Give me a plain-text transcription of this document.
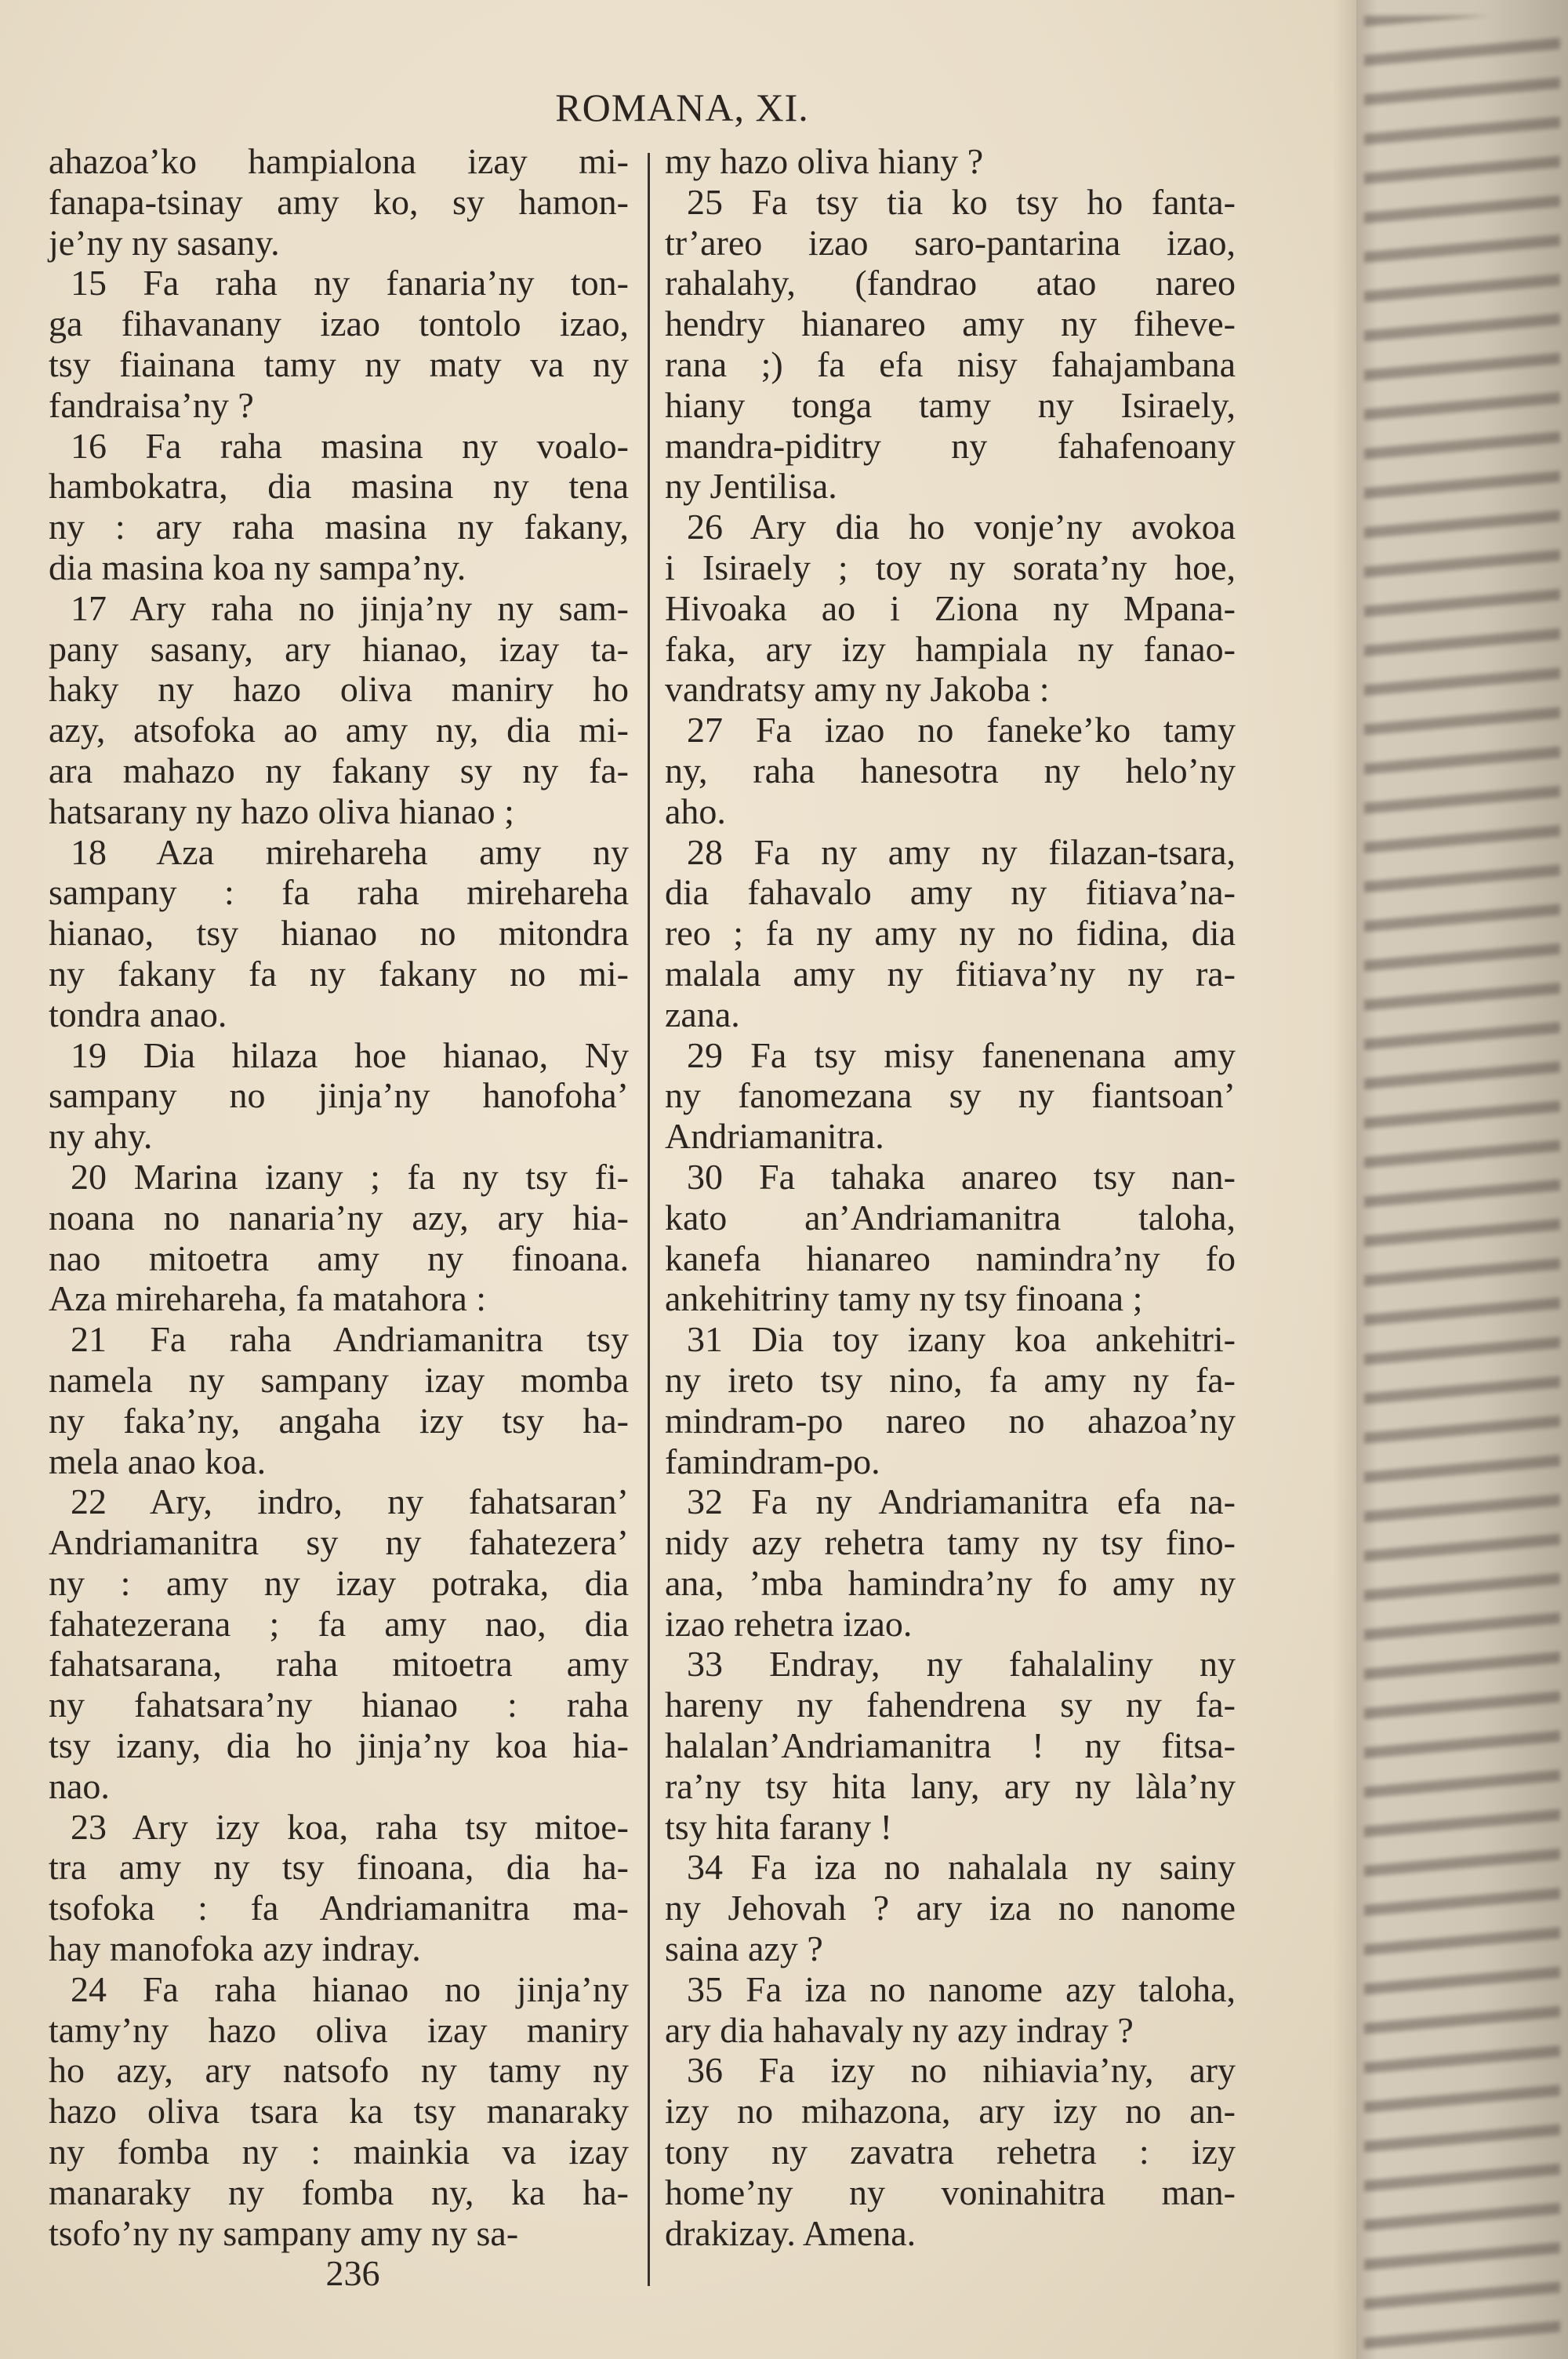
ROMANA, XI.
ahazoa’ko hampialona izay mi-
fanapa-tsinay amy ko, sy hamon-
je’ny ny sasany.
15 Fa raha ny fanaria’ny ton-
ga fihavanany izao tontolo izao,
tsy fiainana tamy ny maty va ny
fandraisa’ny ?
16 Fa raha masina ny voalo-
hambokatra, dia masina ny tena
ny : ary raha masina ny fakany,
dia masina koa ny sampa’ny.
17 Ary raha no jinja’ny ny sam-
pany sasany, ary hianao, izay ta-
haky ny hazo oliva maniry ho
azy, atsofoka ao amy ny, dia mi-
ara mahazo ny fakany sy ny fa-
hatsarany ny hazo oliva hianao ;
18 Aza mirehareha amy ny
sampany : fa raha mirehareha
hianao, tsy hianao no mitondra
ny fakany fa ny fakany no mi-
tondra anao.
19 Dia hilaza hoe hianao, Ny
sampany no jinja’ny hanofoha’
ny ahy.
20 Marina izany ; fa ny tsy fi-
noana no nanaria’ny azy, ary hia-
nao mitoetra amy ny finoana.
Aza mirehareha, fa matahora :
21 Fa raha Andriamanitra tsy
namela ny sampany izay momba
ny faka’ny, angaha izy tsy ha-
mela anao koa.
22 Ary, indro, ny fahatsaran’
Andriamanitra sy ny fahatezera’
ny : amy ny izay potraka, dia
fahatezerana ; fa amy nao, dia
fahatsarana, raha mitoetra amy
ny fahatsara’ny hianao : raha
tsy izany, dia ho jinja’ny koa hia-
nao.
23 Ary izy koa, raha tsy mitoe-
tra amy ny tsy finoana, dia ha-
tsofoka : fa Andriamanitra ma-
hay manofoka azy indray.
24 Fa raha hianao no jinja’ny
tamy’ny hazo oliva izay maniry
ho azy, ary natsofo ny tamy ny
hazo oliva tsara ka tsy manaraky
ny fomba ny : mainkia va izay
manaraky ny fomba ny, ka ha-
tsofo’ny ny sampany amy ny sa-
my hazo oliva hiany ?
25 Fa tsy tia ko tsy ho fanta-
tr’areo izao saro-pantarina izao,
rahalahy, (fandrao atao nareo
hendry hianareo amy ny fiheve-
rana ;) fa efa nisy fahajambana
hiany tonga tamy ny Isiraely,
mandra-piditry ny fahafenoany
ny Jentilisa.
26 Ary dia ho vonje’ny avokoa
i Isiraely ; toy ny sorata’ny hoe,
Hivoaka ao i Ziona ny Mpana-
faka, ary izy hampiala ny fanao-
vandratsy amy ny Jakoba :
27 Fa izao no faneke’ko tamy
ny, raha hanesotra ny helo’ny
aho.
28 Fa ny amy ny filazan-tsara,
dia fahavalo amy ny fitiava’na-
reo ; fa ny amy ny no fidina, dia
malala amy ny fitiava’ny ny ra-
zana.
29 Fa tsy misy fanenenana amy
ny fanomezana sy ny fiantsoan’
Andriamanitra.
30 Fa tahaka anareo tsy nan-
kato an’Andriamanitra taloha,
kanefa hianareo namindra’ny fo
ankehitriny tamy ny tsy finoana ;
31 Dia toy izany koa ankehitri-
ny ireto tsy nino, fa amy ny fa-
mindram-po nareo no ahazoa’ny
famindram-po.
32 Fa ny Andriamanitra efa na-
nidy azy rehetra tamy ny tsy fino-
ana, ’mba hamindra’ny fo amy ny
izao rehetra izao.
33 Endray, ny fahalaliny ny
hareny ny fahendrena sy ny fa-
halalan’Andriamanitra ! ny fitsa-
ra’ny tsy hita lany, ary ny làla’ny
tsy hita farany !
34 Fa iza no nahalala ny sainy
ny Jehovah ? ary iza no nanome
saina azy ?
35 Fa iza no nanome azy taloha,
ary dia hahavaly ny azy indray ?
36 Fa izy no nihiavia’ny, ary
izy no mihazona, ary izy no an-
tony ny zavatra rehetra : izy
home’ny ny voninahitra man-
drakizay. Amena.
236
